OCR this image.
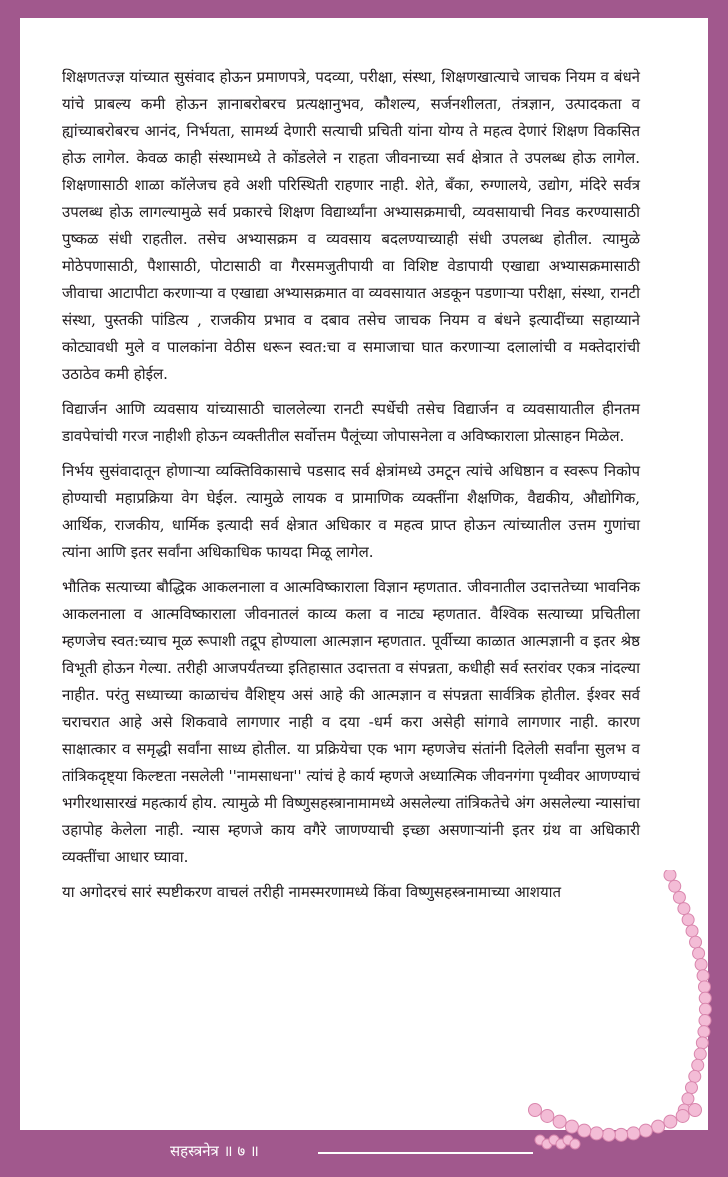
शिक्षणतज्ज्ञ यांच्यात सुसंवाद होऊन प्रमाणपत्रे, पदव्या, परीक्षा, संस्था, शिक्षणखात्याचे जाचक नियम व बंधने यांचे प्राबल्य कमी होऊन ज्ञानाबरोबरच प्रत्यक्षानुभव, कौशल्य, सर्जनशीलता, तंत्रज्ञान, उत्पादकता व ह्यांच्याबरोबरच आनंद, निर्भयता, सामर्थ्य देणारी सत्याची प्रचिती यांना योग्य ते महत्व देणारं शिक्षण विकसित होऊ लागेल. केवळ काही संस्थामध्ये ते कोंडलेले न राहता जीवनाच्या सर्व क्षेत्रात ते उपलब्ध होऊ लागेल. शिक्षणासाठी शाळा कॉलेजच हवे अशी परिस्थिती राहणार नाही. शेते, बँका, रुग्णालये, उद्योग, मंदिरे सर्वत्र उपलब्ध होऊ लागल्यामुळे सर्व प्रकारचे शिक्षण विद्यार्थ्यांना अभ्यासक्रमाची, व्यवसायाची निवड करण्यासाठी पुष्कळ संधी राहतील. तसेच अभ्यासक्रम व व्यवसाय बदलण्याच्याही संधी उपलब्ध होतील. त्यामुळे मोठेपणासाठी, पैशासाठी, पोटासाठी वा गैरसमजुतीपायी वा विशिष्ट वेडापायी एखाद्या अभ्यासक्रमासाठी जीवाचा आटापीटा करणाऱ्या व एखाद्या अभ्यासक्रमात वा व्यवसायात अडकून पडणाऱ्या परीक्षा, संस्था, रानटी संस्था, पुस्तकी पांडित्य , राजकीय प्रभाव व दबाव तसेच जाचक नियम व बंधने इत्यादींच्या सहाय्याने कोट्यावधी मुले व पालकांना वेठीस धरून स्वत:चा व समाजाचा घात करणाऱ्या दलालांची व मक्तेदारांची उठाठेव कमी होईल.

विद्यार्जन आणि व्यवसाय यांच्यासाठी चाललेल्या रानटी स्पर्धेची तसेच विद्यार्जन व व्यवसायातील हीनतम डावपेचांची गरज नाहीशी होऊन व्यक्तीतील सर्वोत्तम पैलूंच्या जोपासनेला व अविष्काराला प्रोत्साहन मिळेल.

निर्भय सुसंवादातून होणाऱ्या व्यक्तिविकासाचे पडसाद सर्व क्षेत्रांमध्ये उमटून त्यांचे अधिष्ठान व स्वरूप निकोप होण्याची महाप्रक्रिया वेग घेईल. त्यामुळे लायक व प्रामाणिक व्यक्तींना शैक्षणिक, वैद्यकीय, औद्योगिक, आर्थिक, राजकीय, धार्मिक इत्यादी सर्व क्षेत्रात अधिकार व महत्व प्राप्त होऊन त्यांच्यातील उत्तम गुणांचा त्यांना आणि इतर सर्वांना अधिकाधिक फायदा मिळू लागेल.

भौतिक सत्याच्या बौद्धिक आकलनाला व आत्मविष्काराला विज्ञान म्हणतात. जीवनातील उदात्ततेच्या भावनिक आकलनाला व आत्मविष्काराला जीवनातलं काव्य कला व नाट्य म्हणतात. वैश्विक सत्याच्या प्रचितीला म्हणजेच स्वत:च्याच मूळ रूपाशी तद्रूप होण्याला आत्मज्ञान म्हणतात. पूर्वीच्या काळात आत्मज्ञानी व इतर श्रेष्ठ विभूती होऊन गेल्या. तरीही आजपर्यंतच्या इतिहासात उदात्तता व संपन्नता, कधीही सर्व स्तरांवर एकत्र नांदल्या नाहीत. परंतु सध्याच्या काळाचंच वैशिष्ट्य असं आहे की आत्मज्ञान व संपन्नता सार्वत्रिक होतील. ईश्वर सर्व चराचरात आहे असे शिकवावे लागणार नाही व दया -धर्म करा असेही सांगावे लागणार नाही. कारण साक्षात्कार व समृद्धी सर्वांना साध्य होतील. या प्रक्रियेचा एक भाग म्हणजेच संतांनी दिलेली सर्वांना सुलभ व तांत्रिकदृष्ट्या किल्ष्टता नसलेली ''नामसाधना'' त्यांचं हे कार्य म्हणजे अध्यात्मिक जीवनगंगा पृथ्वीवर आणण्याचं भगीरथासारखं महत्कार्य होय. त्यामुळे मी विष्णुसहस्त्रानामामध्ये असलेल्या तांत्रिकतेचे अंग असलेल्या न्यासांचा उहापोह केलेला नाही. न्यास म्हणजे काय वगैरे जाणण्याची इच्छा असणाऱ्यांनी इतर ग्रंथ वा अधिकारी व्यक्तींचा आधार घ्यावा.

या अगोदरचं सारं स्पष्टीकरण वाचलं तरीही नामस्मरणामध्ये किंवा विष्णुसहस्त्रनामाच्या आशयात

सहस्त्रनेत्र ॥ ७ ॥
